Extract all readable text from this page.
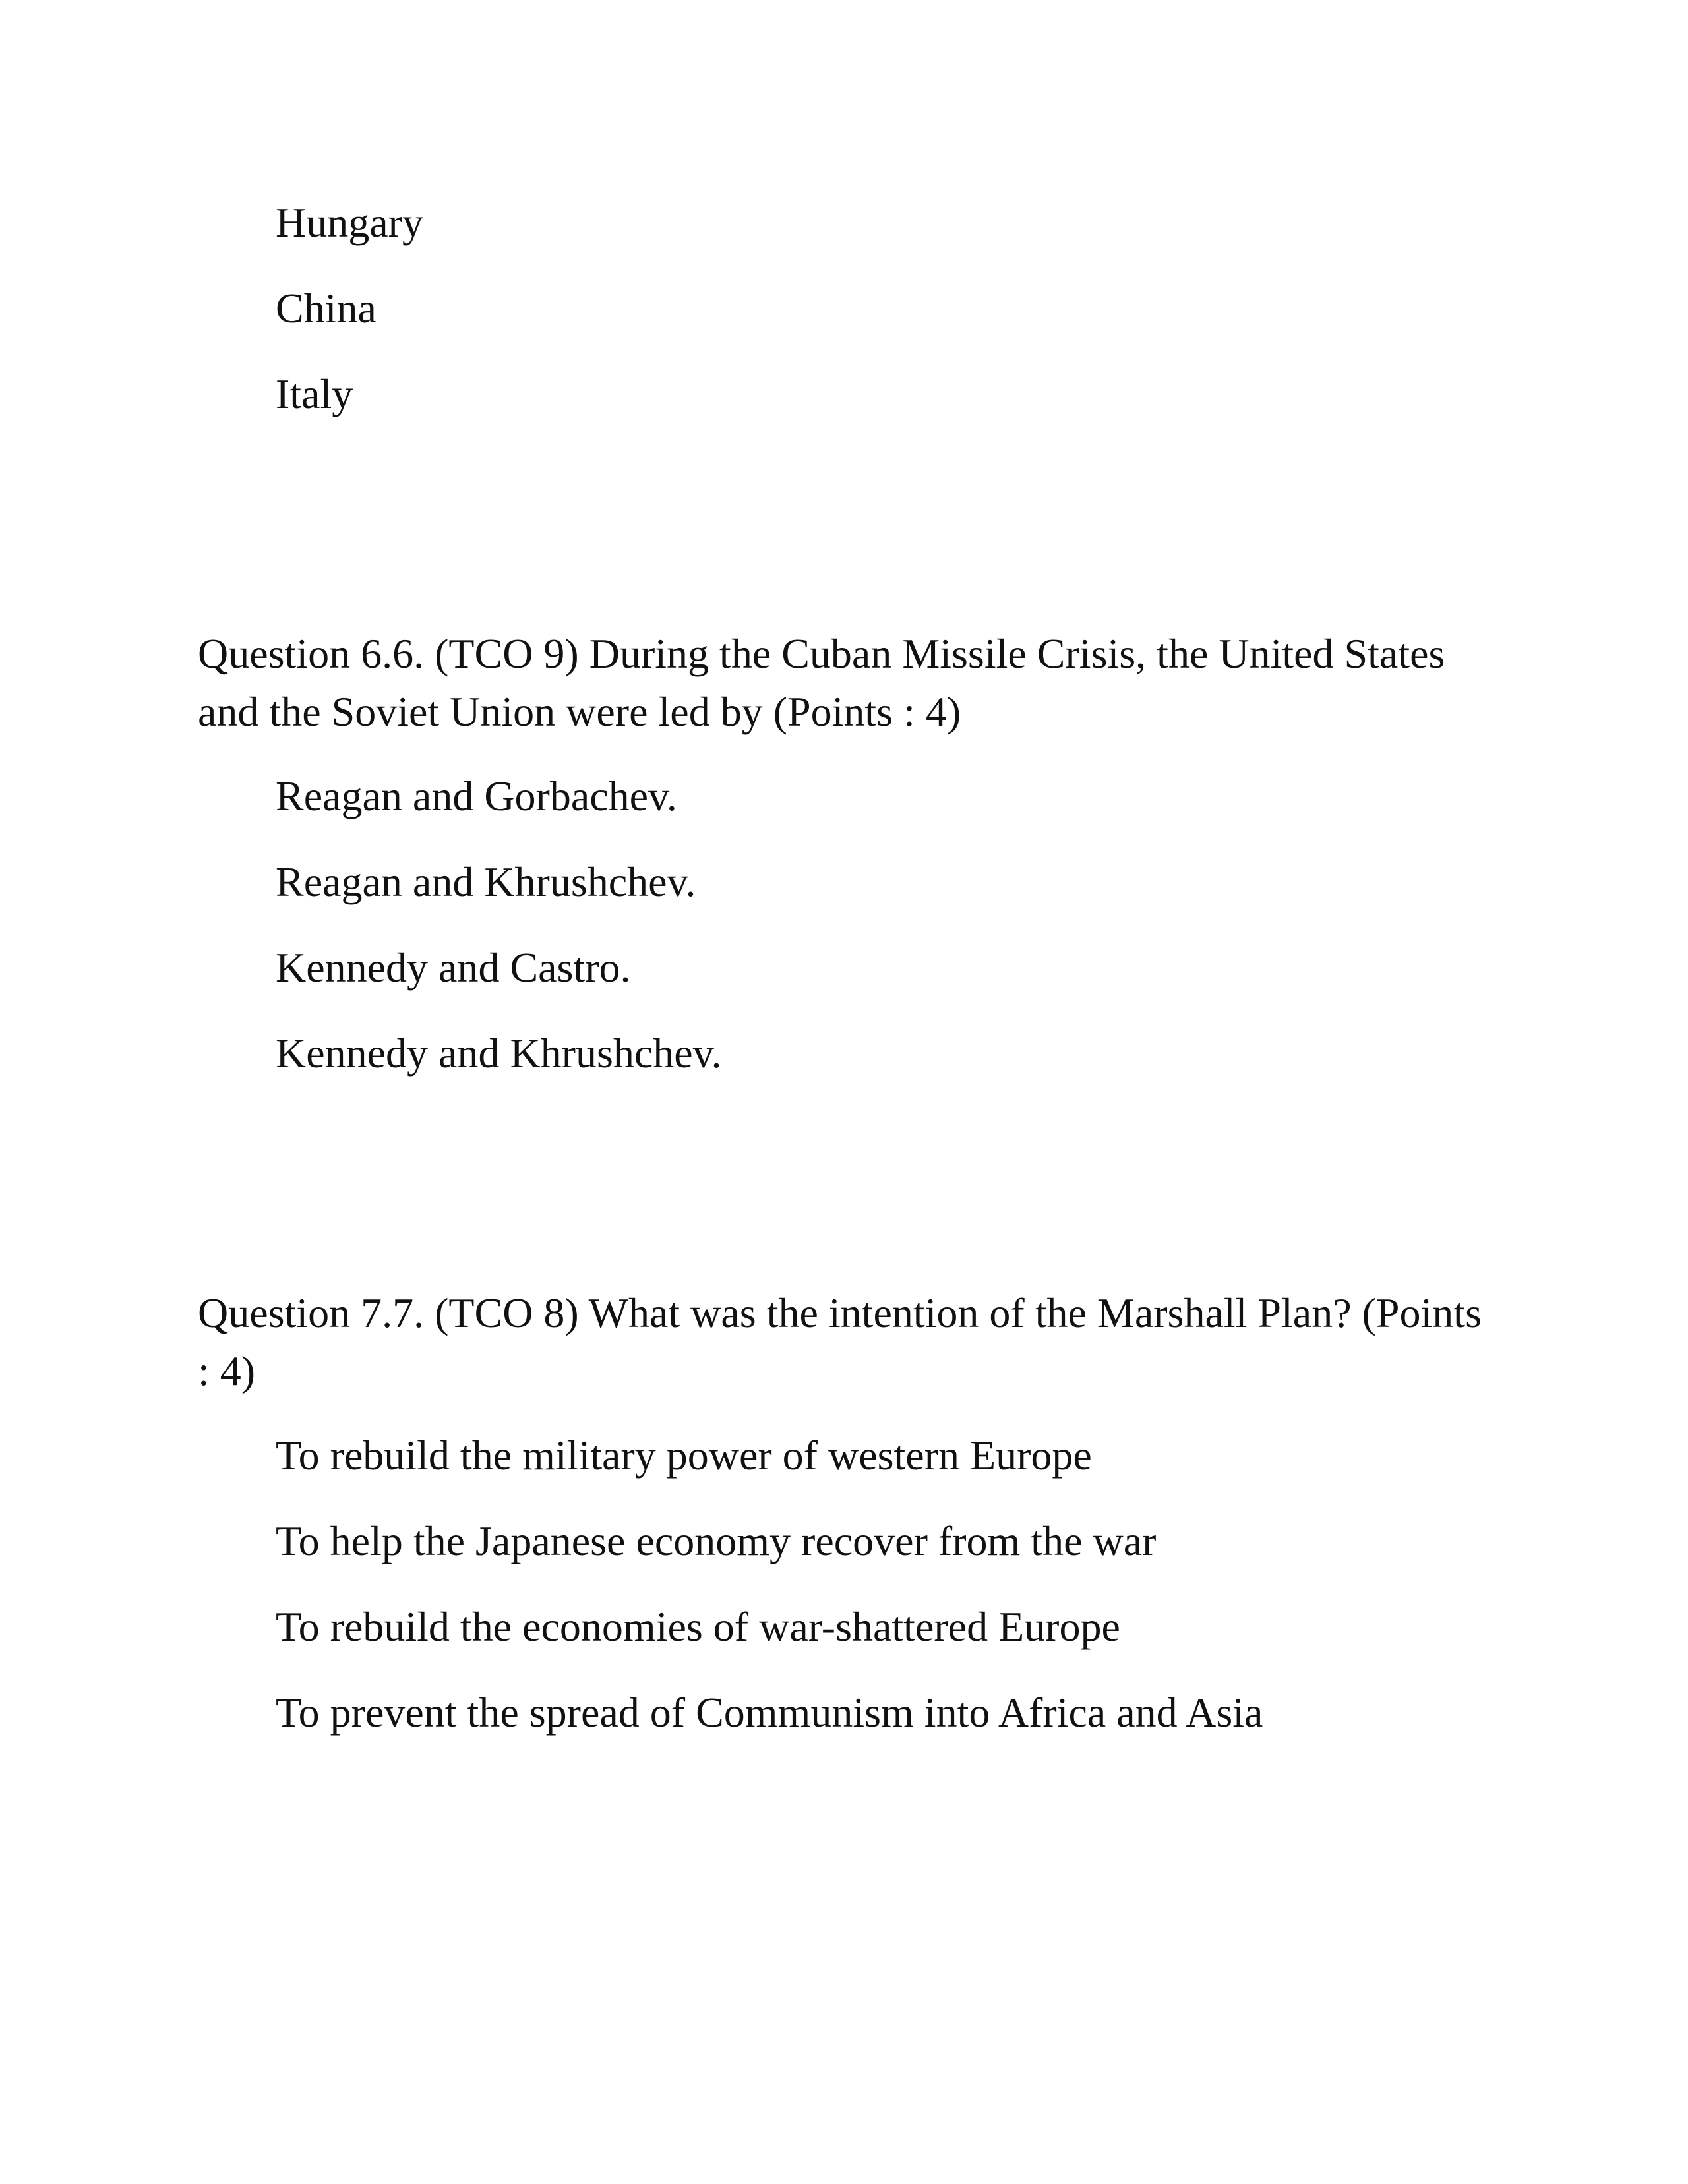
Hungary
China
Italy

Question 6.6. (TCO 9) During the Cuban Missile Crisis, the United States and the Soviet Union were led by (Points : 4)

Reagan and Gorbachev.
Reagan and Khrushchev.
Kennedy and Castro.
Kennedy and Khrushchev.

Question 7.7. (TCO 8) What was the intention of the Marshall Plan? (Points : 4)

To rebuild the military power of western Europe
To help the Japanese economy recover from the war
To rebuild the economies of war-shattered Europe
To prevent the spread of Communism into Africa and Asia
